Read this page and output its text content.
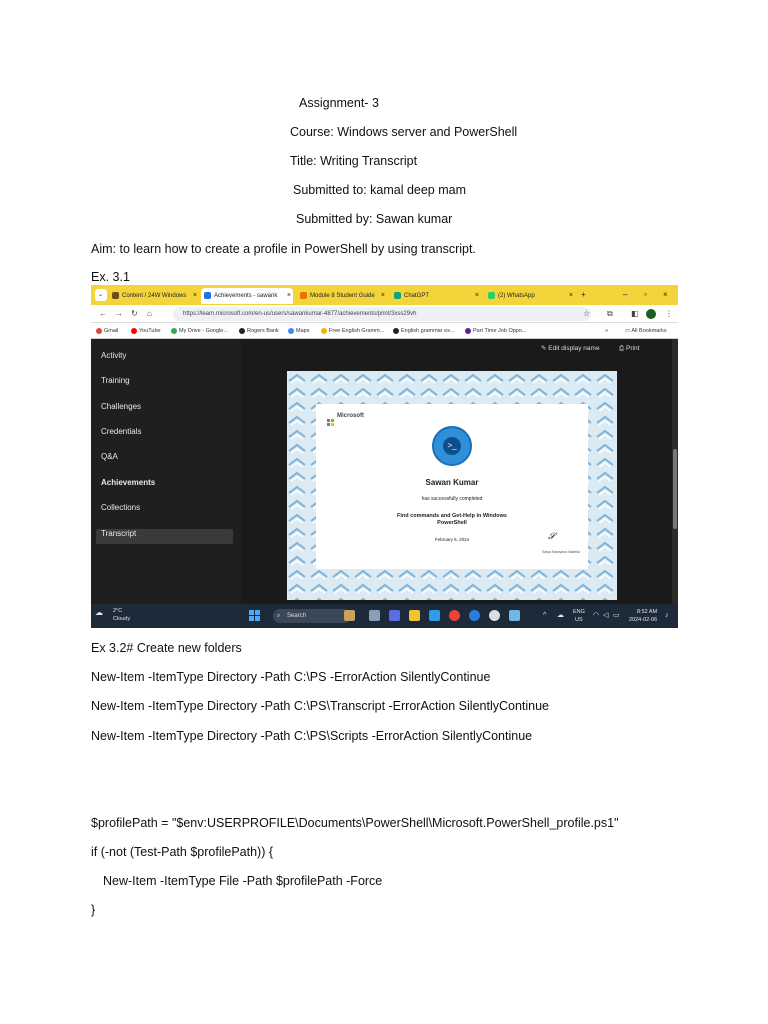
Assignment- 3
Course: Windows server and PowerShell
Title: Writing Transcript
Submitted to: kamal deep mam
Submitted by: Sawan kumar
Aim: to learn how to create a profile in PowerShell by using transcript.
Ex. 3.1
⌄	Content / 24W Windows ×	Achievements - sawank ×	Module 8 Student Guide ×	ChatGPT	×	(2) WhatsApp	× +	– ▫ ×
← → ↻ ⌂	https://learn.microsoft.com/en-us/users/sawankumar-4877/achievements/print/3xss29vh	☆ ⧉ ◧	⋮
Gmail	YouTube	My Drive - Google...	Rogers Bank	Maps	Free English Gramm...	English grammar ex...	Part Time Job Oppo...	»	▭ All Bookmarks
Activity
Training
Challenges
Credentials
Q&A
Achievements
Collections
Transcript
✎ Edit display name	⎙ Print
Microsoft
>_
Sawan Kumar
has successfully completed
Find commands and Get-Help in Windows
PowerShell
February 6, 2024	𝓢
Satya Narayana Nadella
☁ 2°C
Cloudy	⌕ Search	^ ☁ ENG
US
◠ ◁ ▭	8:52 AM
2024-02-06
♪
Ex 3.2# Create new folders
New-Item -ItemType Directory -Path C:\PS -ErrorAction SilentlyContinue
New-Item -ItemType Directory -Path C:\PS\Transcript -ErrorAction SilentlyContinue
New-Item -ItemType Directory -Path C:\PS\Scripts -ErrorAction SilentlyContinue
$profilePath = "$env:USERPROFILE\Documents\PowerShell\Microsoft.PowerShell_profile.ps1"
if (-not (Test-Path $profilePath)) {
New-Item -ItemType File -Path $profilePath -Force
}
